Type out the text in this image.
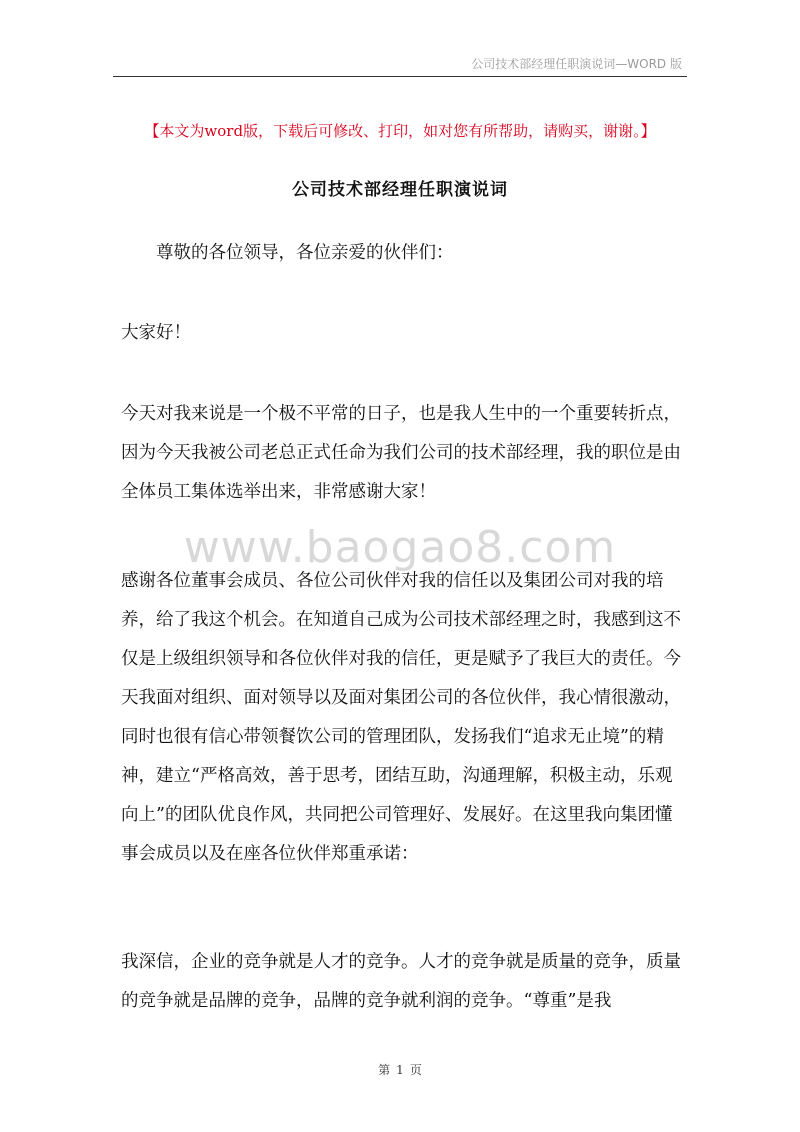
公司技术部经理任职演说词—WORD 版
【本文为word版，下载后可修改、打印，如对您有所帮助，请购买，谢谢。】
公司技术部经理任职演说词

尊敬的各位领导，各位亲爱的伙伴们：

大家好！

今天对我来说是一个极不平常的日子，也是我人生中的一个重要转折点，因为今天我被公司老总正式任命为我们公司的技术部经理，我的职位是由全体员工集体选举出来，非常感谢大家！

www.baogao8.com

感谢各位董事会成员、各位公司伙伴对我的信任以及集团公司对我的培养，给了我这个机会。在知道自己成为公司技术部经理之时，我感到这不仅是上级组织领导和各位伙伴对我的信任，更是赋予了我巨大的责任。今天我面对组织、面对领导以及面对集团公司的各位伙伴，我心情很激动，同时也很有信心带领餐饮公司的管理团队，发扬我们“追求无止境”的精神，建立“严格高效，善于思考，团结互助，沟通理解，积极主动，乐观向上”的团队优良作风，共同把公司管理好、发展好。在这里我向集团懂事会成员以及在座各位伙伴郑重承诺：

我深信，企业的竞争就是人才的竞争。人才的竞争就是质量的竞争，质量的竞争就是品牌的竞争，品牌的竞争就利润的竞争。“尊重”是我

第 1 页
